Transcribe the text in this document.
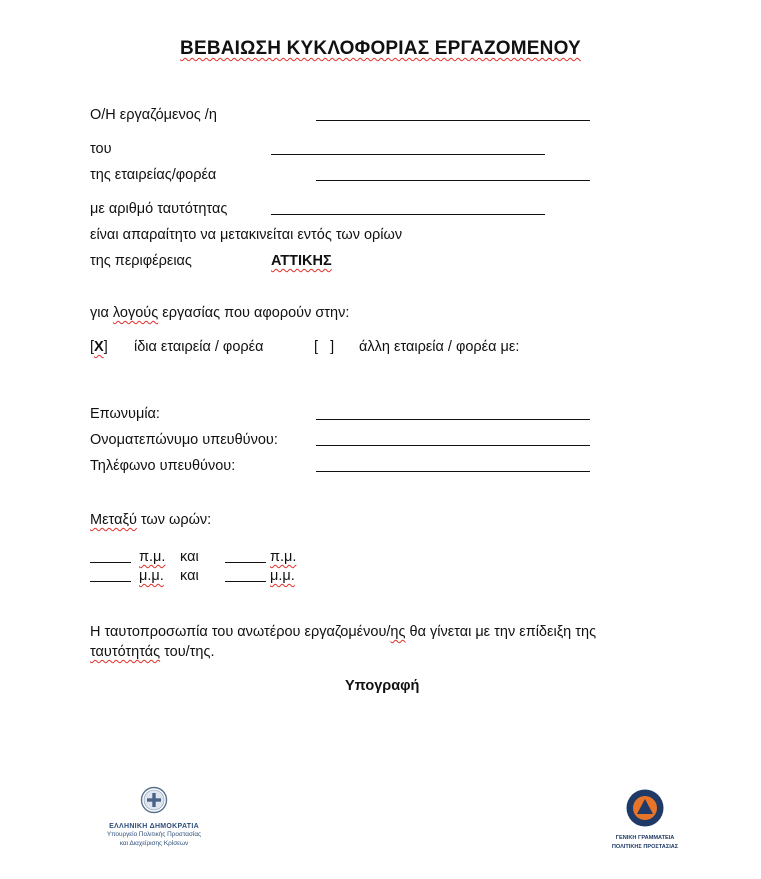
ΒΕΒΑΙΩΣΗ ΚΥΚΛΟΦΟΡΙΑΣ ΕΡΓΑΖΟΜΕΝΟΥ
Ο/Η εργαζόμενος /η
του
της εταιρείας/φορέα
με αριθμό ταυτότητας
είναι απαραίτητο να μετακινείται εντός των ορίων
της περιφέρειας	ΑΤΤΙΚΗΣ
για λογούς εργασίας που αφορούν στην:
[X] ίδια εταιρεία / φορέα	[   ] άλλη εταιρεία / φορέα με:
Επωνυμία:
Ονοματεπώνυμο υπευθύνου:
Τηλέφωνο υπευθύνου:
Μεταξύ των ωρών:
π.μ. και	π.μ.
μ.μ. και	μ.μ.
Η ταυτοπροσωπία του ανωτέρου εργαζομένου/ης θα γίνεται με την επίδειξη της
ταυτότητάς του/της.
Υπογραφή
ΕΛΛΗΝΙΚΗ ΔΗΜΟΚΡΑΤΙΑ
Υπουργείο Πολιτικής Προστασίας
και Διαχείρισης Κρίσεων
ΓΕΝΙΚΗ ΓΡΑΜΜΑΤΕΙΑ
ΠΟΛΙΤΙΚΗΣ ΠΡΟΣΤΑΣΙΑΣ
